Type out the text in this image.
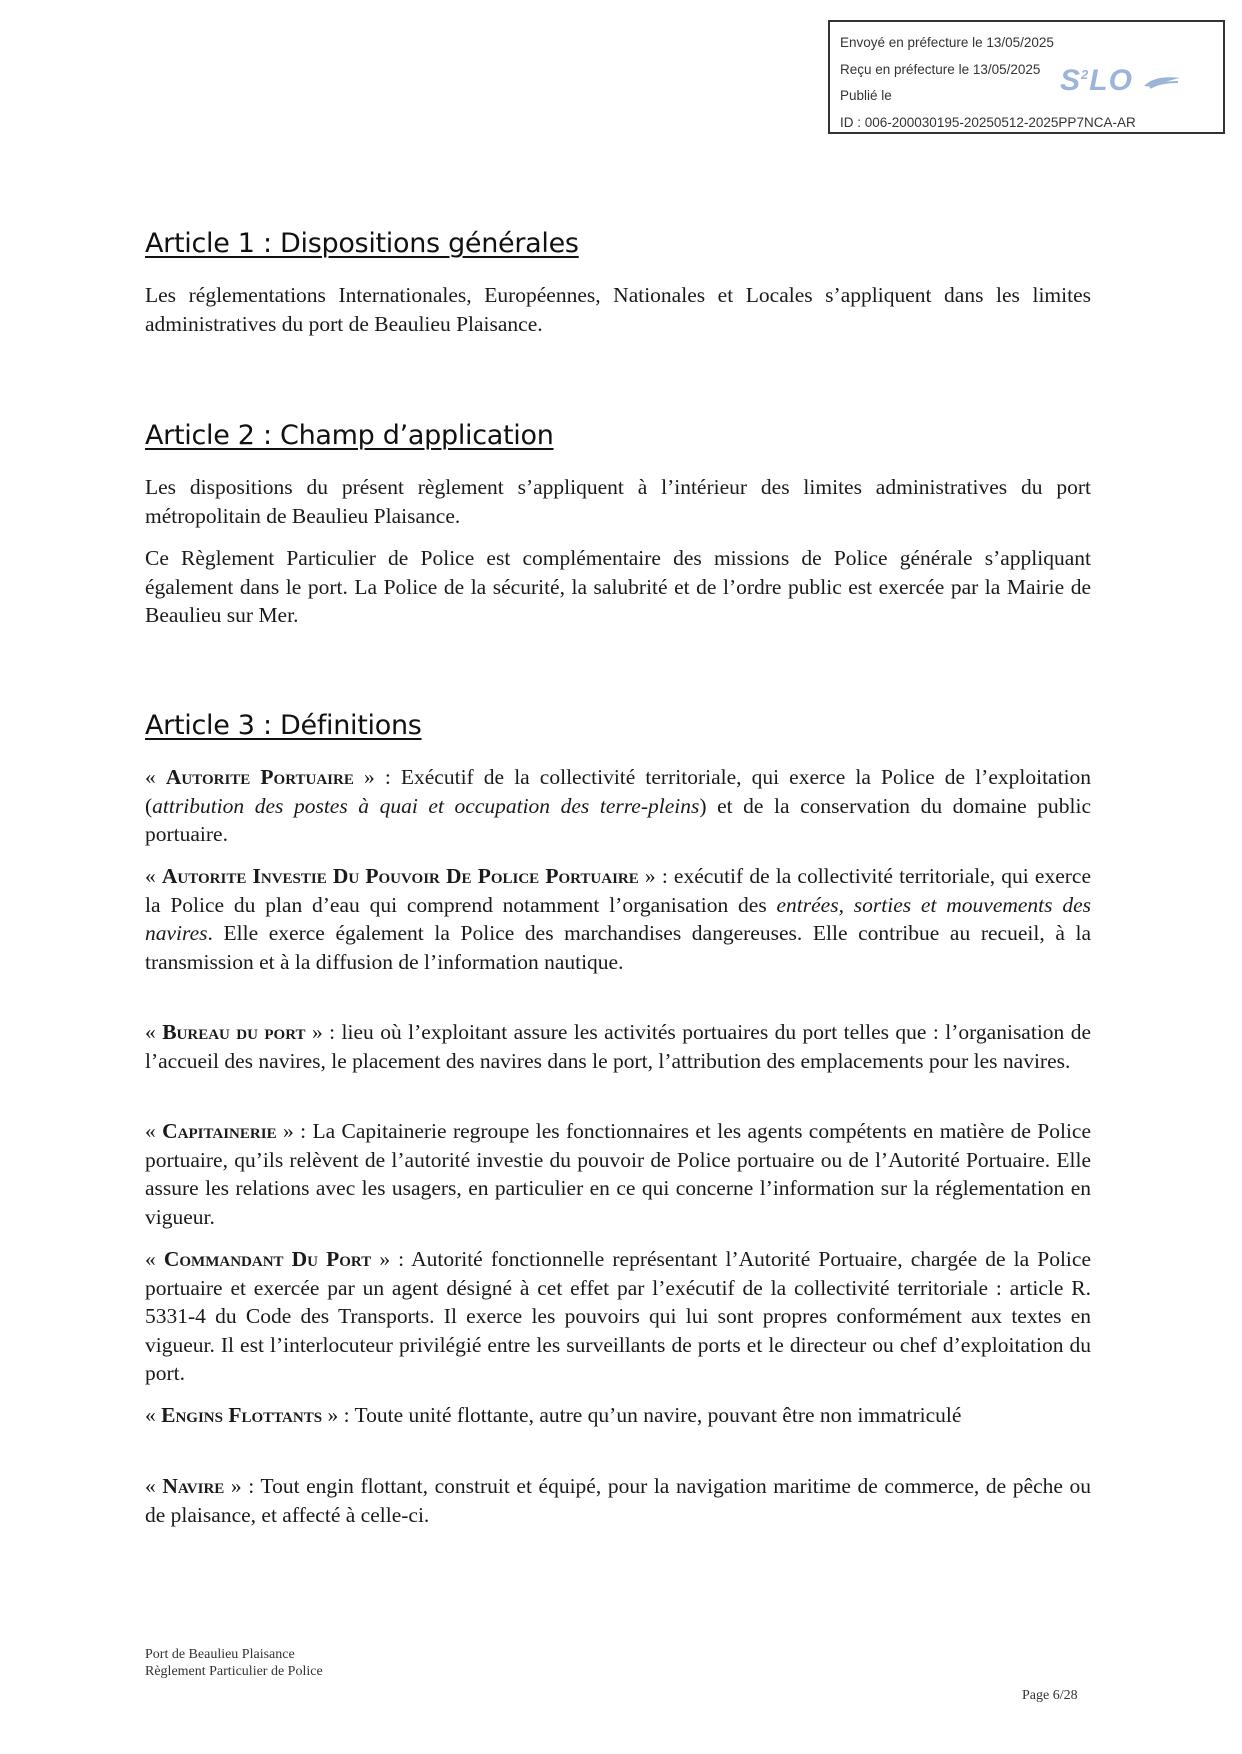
Envoyé en préfecture le 13/05/2025
Reçu en préfecture le 13/05/2025
Publié le
ID : 006-200030195-20250512-2025PP7NCA-AR
$S^2LO$
Article 1 : Dispositions générales

Les réglementations Internationales, Européennes, Nationales et Locales s’appliquent dans les limites administratives du port de Beaulieu Plaisance.

Article 2 : Champ d’application

Les dispositions du présent règlement s’appliquent à l’intérieur des limites administratives du port métropolitain de Beaulieu Plaisance.

Ce Règlement Particulier de Police est complémentaire des missions de Police générale s’appliquant également dans le port. La Police de la sécurité, la salubrité et de l’ordre public est exercée par la Mairie de Beaulieu sur Mer.

Article 3 : Définitions

« Autorite Portuaire » : Exécutif de la collectivité territoriale, qui exerce la Police de l’exploitation (attribution des postes à quai et occupation des terre-pleins) et de la conservation du domaine public portuaire.

« Autorite Investie Du Pouvoir De Police Portuaire » : exécutif de la collectivité territoriale, qui exerce la Police du plan d’eau qui comprend notamment l’organisation des entrées, sorties et mouvements des navires. Elle exerce également la Police des marchandises dangereuses. Elle contribue au recueil, à la transmission et à la diffusion de l’information nautique.

« Bureau du port » : lieu où l’exploitant assure les activités portuaires du port telles que : l’organisation de l’accueil des navires, le placement des navires dans le port, l’attribution des emplacements pour les navires.

« Capitainerie » : La Capitainerie regroupe les fonctionnaires et les agents compétents en matière de Police portuaire, qu’ils relèvent de l’autorité investie du pouvoir de Police portuaire ou de l’Autorité Portuaire. Elle assure les relations avec les usagers, en particulier en ce qui concerne l’information sur la réglementation en vigueur.

« Commandant Du Port » : Autorité fonctionnelle représentant l’Autorité Portuaire, chargée de la Police portuaire et exercée par un agent désigné à cet effet par l’exécutif de la collectivité territoriale : article R. 5331-4 du Code des Transports. Il exerce les pouvoirs qui lui sont propres conformément aux textes en vigueur. Il est l’interlocuteur privilégié entre les surveillants de ports et le directeur ou chef d’exploitation du port.

« Engins Flottants » : Toute unité flottante, autre qu’un navire, pouvant être non immatriculé

« Navire » : Tout engin flottant, construit et équipé, pour la navigation maritime de commerce, de pêche ou de plaisance, et affecté à celle-ci.

Port de Beaulieu Plaisance
Règlement Particulier de Police
Page 6/28
